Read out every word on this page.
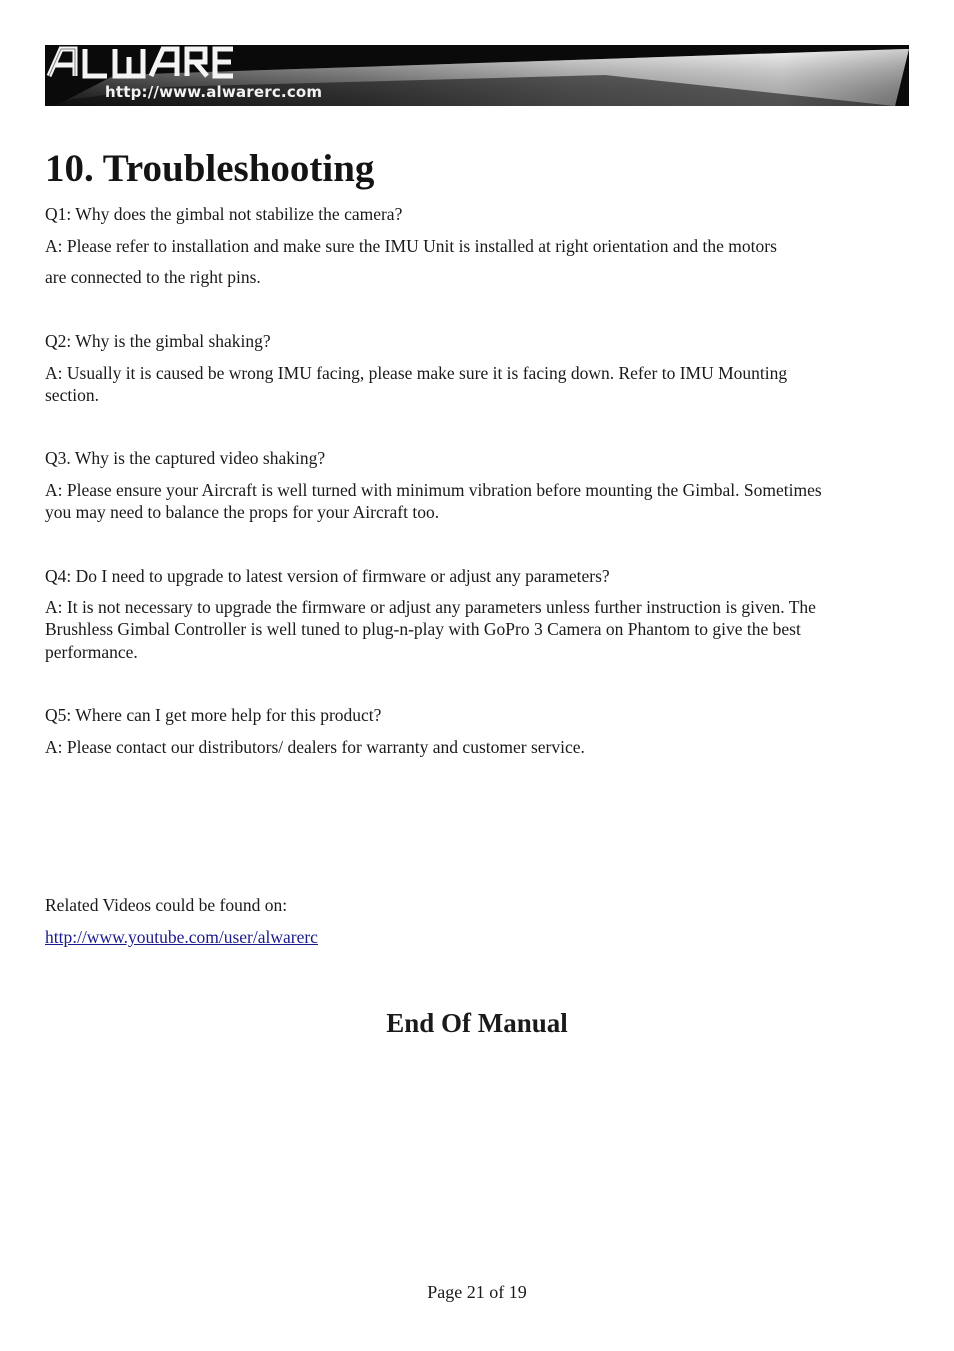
http://www.alwarerc.com
10. Troubleshooting

Q1: Why does the gimbal not stabilize the camera?

A: Please refer to installation and make sure the IMU Unit is installed at right orientation and the motors

are connected to the right pins.

Q2: Why is the gimbal shaking?

A: Usually it is caused be wrong IMU facing, please make sure it is facing down. Refer to IMU Mounting

section.

Q3. Why is the captured video shaking?

A: Please ensure your Aircraft is well turned with minimum vibration before mounting the Gimbal. Sometimes

you may need to balance the props for your Aircraft too.

Q4: Do I need to upgrade to latest version of firmware or adjust any parameters?

A: It is not necessary to upgrade the firmware or adjust any parameters unless further instruction is given. The

Brushless Gimbal Controller is well tuned to plug-n-play with GoPro 3 Camera on Phantom to give the best

performance.

Q5: Where can I get more help for this product?

A: Please contact our distributors/ dealers for warranty and customer service.

Related Videos could be found on:

http://www.youtube.com/user/alwarerc

End Of Manual

Page 21 of 19
